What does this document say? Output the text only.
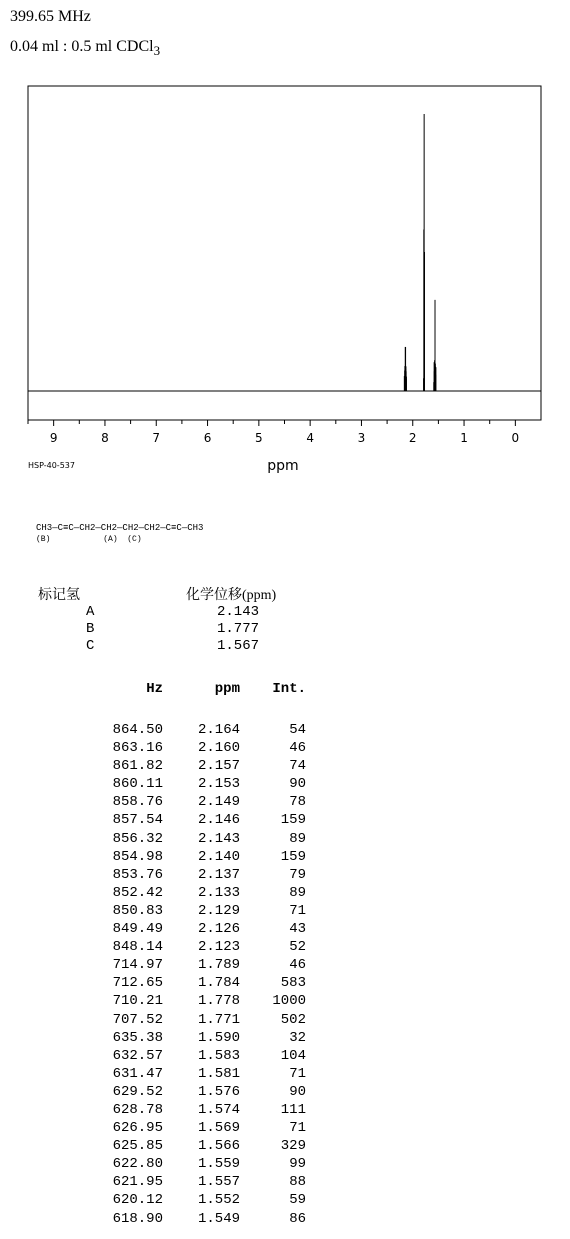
399.65 MHz
0.04 ml : 0.5 ml CDCl$_3$
9	8	7	6	5	4	3	2	1	0
ppm
HSP-40-537
CH3—C≡C—CH2—CH2—CH2—CH2—C≡C—CH3
(B)           (A)  (C)
标记氢	化学位移(ppm)
A	2.143
B	1.777
C	1.567
Hz	ppm	Int.
864.50	2.164	54
863.16	2.160	46
861.82	2.157	74
860.11	2.153	90
858.76	2.149	78
857.54	2.146	159
856.32	2.143	89
854.98	2.140	159
853.76	2.137	79
852.42	2.133	89
850.83	2.129	71
849.49	2.126	43
848.14	2.123	52
714.97	1.789	46
712.65	1.784	583
710.21	1.778	1000
707.52	1.771	502
635.38	1.590	32
632.57	1.583	104
631.47	1.581	71
629.52	1.576	90
628.78	1.574	111
626.95	1.569	71
625.85	1.566	329
622.80	1.559	99
621.95	1.557	88
620.12	1.552	59
618.90	1.549	86
